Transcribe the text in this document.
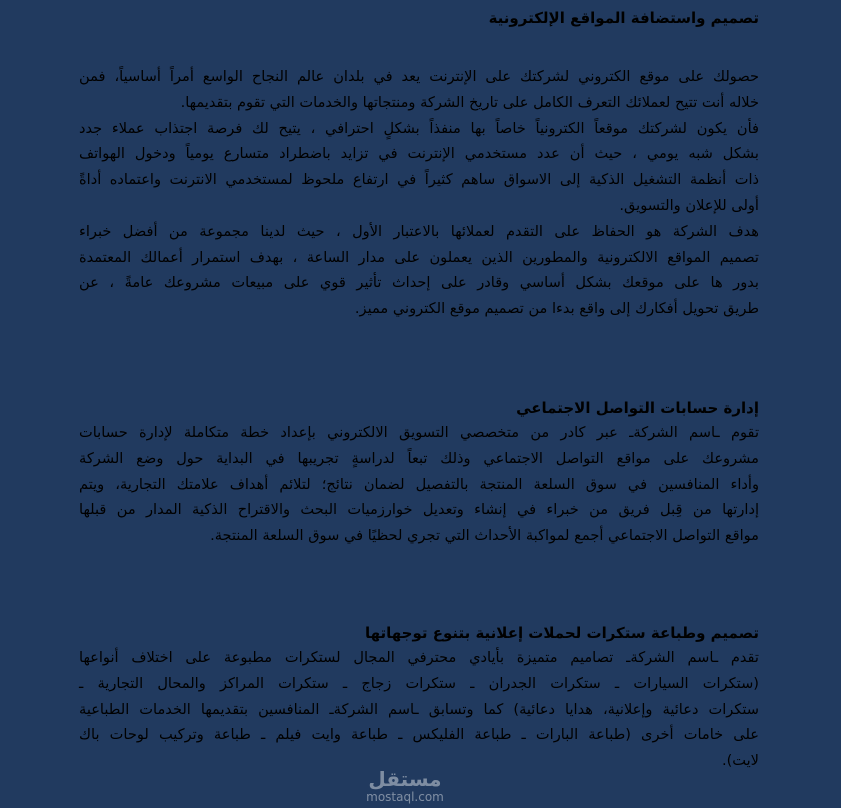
تصميم واستضافة المواقع الإلكترونية

حصولك على موقع الكتروني لشركتك على الإنترنت يعد في بلدان عالم النجاح الواسع أمراً أساسياً، فمن
خلاله أنت تتيح لعملائك التعرف الكامل على تاريخ الشركة ومنتجاتها والخدمات التي تقوم بتقديمها.

فأن يكون لشركتك موقعاً الكترونياً خاصاً بها منفذاً بشكلٍ احترافي ، يتيح لك فرصة اجتذاب عملاء جدد
بشكل شبه يومي ، حيث أن عدد مستخدمي الإنترنت في تزايد باضطراد متسارع يومياً ودخول الهواتف
ذات أنظمة التشغيل الذكية إلى الاسواق ساهم كثيراً في ارتفاع ملحوظ لمستخدمي الانترنت واعتماده أداةً
أولى للإعلان والتسويق.

هدف الشركة هو الحفاظ على التقدم لعملائها بالاعتبار الأول ، حيث لدينا مجموعة من أفضل خبراء
تصميم المواقع الالكترونية والمطورين الذين يعملون على مدار الساعة ، بهدف استمرار أعمالك المعتمدة
بدور ها على موقعك بشكل أساسي وقادر على إحداث تأثير قوي على مبيعات مشروعك عامةً ، عن
طريق تحويل أفكارك إلى واقع بدءا من تصميم موقع الكتروني مميز.

إدارة حسابات التواصل الاجتماعي

تقوم ـاسم الشركةـ عبر كادر من متخصصي التسويق الالكتروني بإعداد خطة متكاملة لإدارة حسابات
مشروعك على مواقع التواصل الاجتماعي وذلك تبعاً لدراسةٍ تجريبها في البداية حول وضع الشركة
وأداء المنافسين في سوق السلعة المنتجة بالتفصيل لضمان نتائج؛ لتلائم أهداف علامتك التجارية، ويتم
إدارتها من قِبل فريق من خبراء في إنشاء وتعديل خوارزميات البحث والاقتراح الذكية المدار من قبلها
مواقع التواصل الاجتماعي أجمع لمواكبة الأحداث التي تجري لحظيًا في سوق السلعة المنتجة.

تصميم وطباعة ستكرات لحملات إعلانية بتنوع توجهاتها

تقدم ـاسم الشركةـ تصاميم متميزة بأيادي محترفي المجال لستكرات مطبوعة على اختلاف أنواعها
(ستكرات السيارات ـ ستكرات الجدران ـ ستكرات زجاج ـ ستكرات المراكز والمحال التجارية ـ
ستكرات دعائية وإعلانية، هدايا دعائية) كما وتسابق ـاسم الشركةـ المنافسين بتقديمها الخدمات الطباعية
على خامات أخرى (طباعة البارات ـ طباعة الفليكس ـ طباعة وايت فيلم ـ طباعة وتركيب لوحات باك
لايت).

مستقل
mostaql.com
